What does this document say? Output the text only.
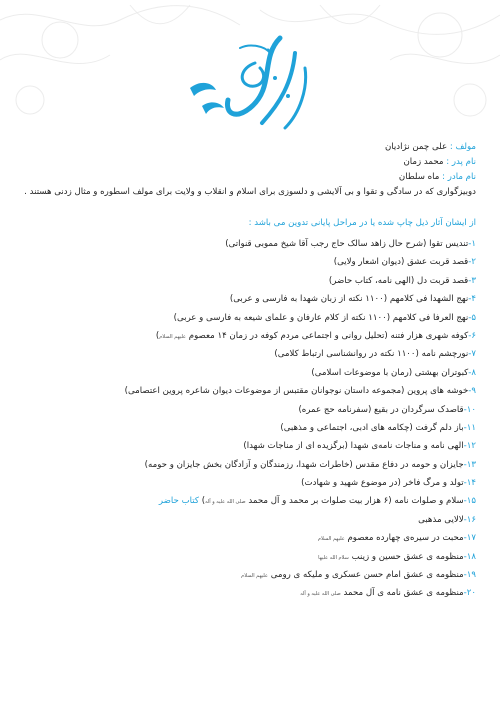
مولف : علی چمن نژادیان

نام پدر : محمد زمان

نام مادر : ماه سلطان

دوبیزگواری که در سادگی و تقوا و بی آلایشی و دلسوزی برای اسلام و انقلاب و ولایت برای مولف اسطوره و مثال زدنی هستند .

از ایشان آثار ذیل چاپ شده یا در مراحل پایانی تدوین می باشد :

۱-تندیس تقوا (شرح حال زاهد سالک حاج رجب آقا شیخ مموبی قنواتی)
۲-قصد قربت عشق (دیوان اشعار ولایی)
۳-قصد قربت دل (الهی نامه، کتاب حاضر)
۴-نهج الشهدا فی کلامهم (۱۱۰۰ نکته از زبان شهدا به فارسی و عربی)
۵-نهج العرفا فی کلامهم (۱۱۰۰ نکته از کلام عارفان و علمای شیعه به فارسی و عربی)
۶-کوفه شهری هزار فتنه (تحلیل روانی و اجتماعی مردم کوفه در زمان ۱۴ معصوم علیهم السلام)
۷-نورچشم نامه (۱۱۰۰ نکته در روانشناسی ارتباط کلامی)
۸-کبوتران بهشتی (رمان با موضوعات اسلامی)
۹-خوشه های پروین (مجموعه داستان نوجوانان مقتبس از موضوعات دیوان شاعره پروین اعتصامی)
۱۰-قاصدک سرگردان در بقیع (سفرنامه حج عمره)
۱۱-باز دلم گرفت (چکامه های ادبی، اجتماعی و مذهبی)
۱۲-الهی نامه و مناجات نامه‌ی شهدا (برگزیده ای از مناجات شهدا)
۱۳-جایزان و حومه در دفاع مقدس (خاطرات شهدا، رزمندگان و آزادگان بخش جایزان و حومه)
۱۴-تولد و مرگ فاخر (در موضوع شهید و شهادت)
۱۵-سلام و صلوات نامه (۶ هزار بیت صلوات بر محمد و آل محمد صلی الله علیه و آله) کتاب حاضر
۱۶-لالایی مذهبی
۱۷-محبت در سیره‌ی چهارده معصوم علیهم السلام
۱۸-منظومه ی عشق حسین و زینب سلام الله علیها
۱۹-منظومه ی عشق امام حسن عسکری و ملیکه ی رومی علیهم السلام
۲۰-منظومه ی عشق نامه ی آل محمد صلی الله علیه و آله
